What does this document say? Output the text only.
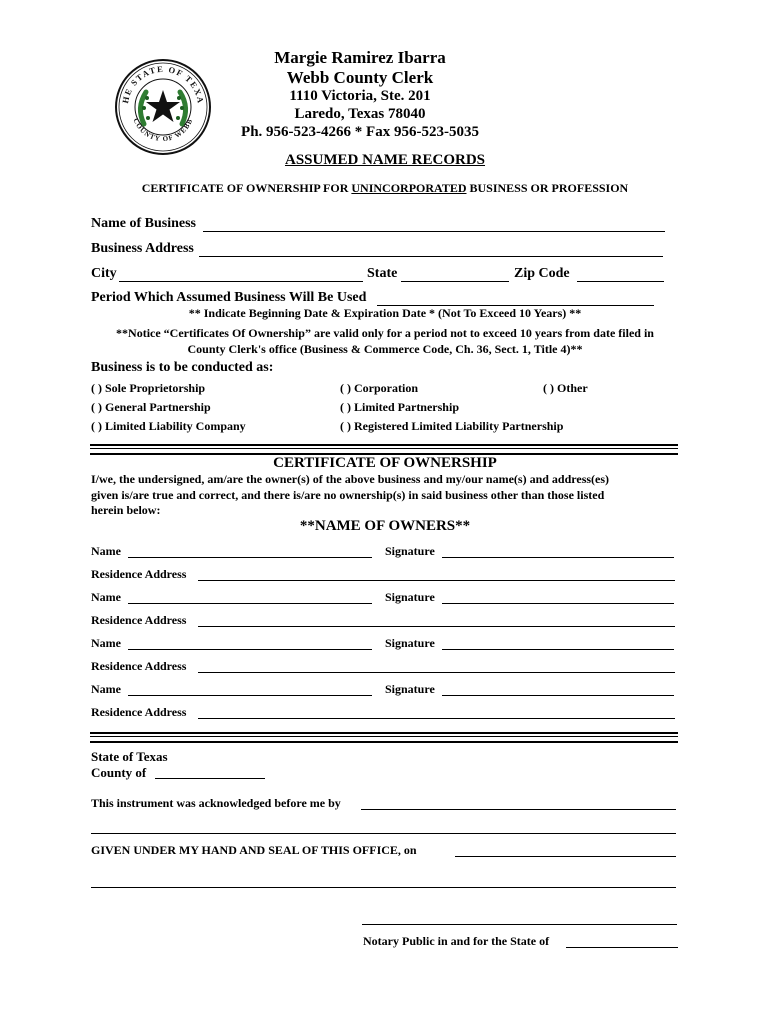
HE STATE OF TEXA
COUNTY OF WEBB
Margie Ramirez Ibarra
Webb County Clerk
1110 Victoria, Ste. 201
Laredo, Texas 78040
Ph. 956-523-4266 * Fax 956-523-5035
ASSUMED NAME RECORDS
CERTIFICATE OF OWNERSHIP FOR UNINCORPORATED BUSINESS OR PROFESSION
Name of Business
Business Address
City	State	Zip Code
Period Which Assumed Business Will Be Used
** Indicate Beginning Date & Expiration Date * (Not To Exceed 10 Years) **
**Notice “Certificates Of Ownership” are valid only for a period not to exceed 10 years from date filed in
County Clerk's office (Business & Commerce Code, Ch. 36, Sect. 1, Title 4)**
Business is to be conducted as:
( ) Sole Proprietorship	( ) Corporation	( ) Other
( ) General Partnership	( ) Limited Partnership
( ) Limited Liability Company	( ) Registered Limited Liability Partnership
CERTIFICATE OF OWNERSHIP
I/we, the undersigned, am/are the owner(s) of the above business and my/our name(s) and address(es)
given is/are true and correct, and there is/are no ownership(s) in said business other than those listed
herein below:
**NAME OF OWNERS**
Name	Signature
Residence Address
Name	Signature
Residence Address
Name	Signature
Residence Address
Name	Signature
Residence Address
State of Texas
County of
This instrument was acknowledged before me by
GIVEN UNDER MY HAND AND SEAL OF THIS OFFICE, on
Notary Public in and for the State of
